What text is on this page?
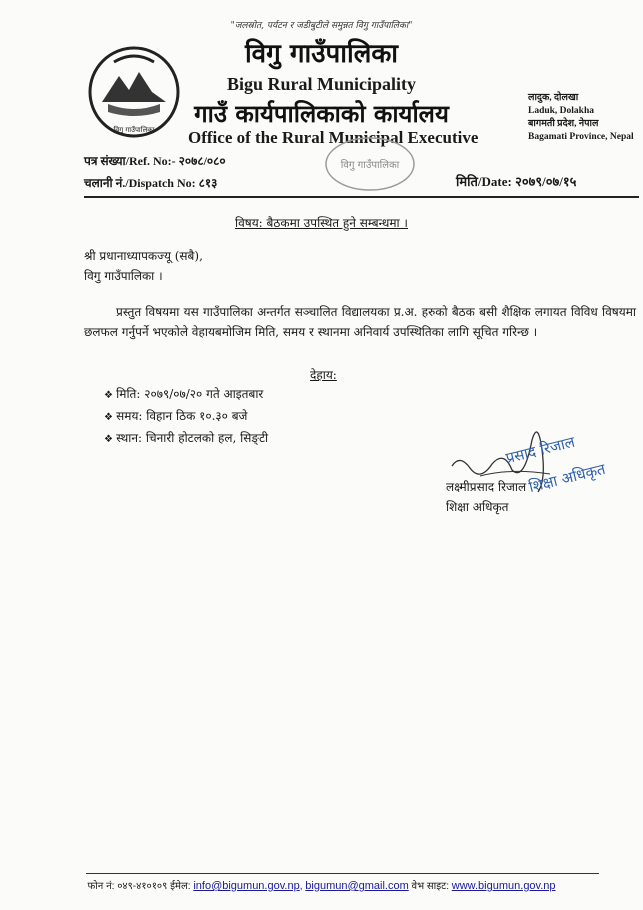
"जलस्रोत, पर्यटन र जडीबुटीले समुन्नत विगु गाउँपालिका"
विगु गाउँपालिका
विगु गाउँपालिका
Bigu Rural Municipality
गाउँ कार्यपालिकाको कार्यालय
Office of the Rural Municipal Executive
लादुक, दोलखा
Laduk, Dolakha
बागमती प्रदेश, नेपाल
Bagamati Province, Nepal
विगु गाउँपालिका
पत्र संख्या/Ref. No:- २०७८/०८०
चलानी नं./Dispatch No: ८१३	मिति/Date: २०७९/०७/१५
विषय: बैठकमा उपस्थित हुने सम्बन्धमा ।
श्री प्रधानाध्यापकज्यू (सबै),
विगु गाउँपालिका ।
प्रस्तुत विषयमा यस गाउँपालिका अन्तर्गत सञ्चालित विद्यालयका प्र.अ. हरुको बैठक बसी शैक्षिक लगायत विविध विषयमा छलफल गर्नुपर्ने भएकोले वेहायबमोजिम मिति, समय र स्थानमा अनिवार्य उपस्थितिका लागि सूचित गरिन्छ ।
देहाय:
❖ मिति: २०७९/०७/२० गते आइतबार
❖ समय: विहान ठिक १०.३० बजे
❖ स्थान: चिनारी होटलको हल, सिङ्टी	प्रसाद रिजाल
शिक्षा अधिकृत
लक्ष्मीप्रसाद रिजाल
शिक्षा अधिकृत
फोन नं: ०४९-४१०१०९ ईमेल: info@bigumun.gov.np, bigumun@gmail.com वेभ साइट: www.bigumun.gov.np
